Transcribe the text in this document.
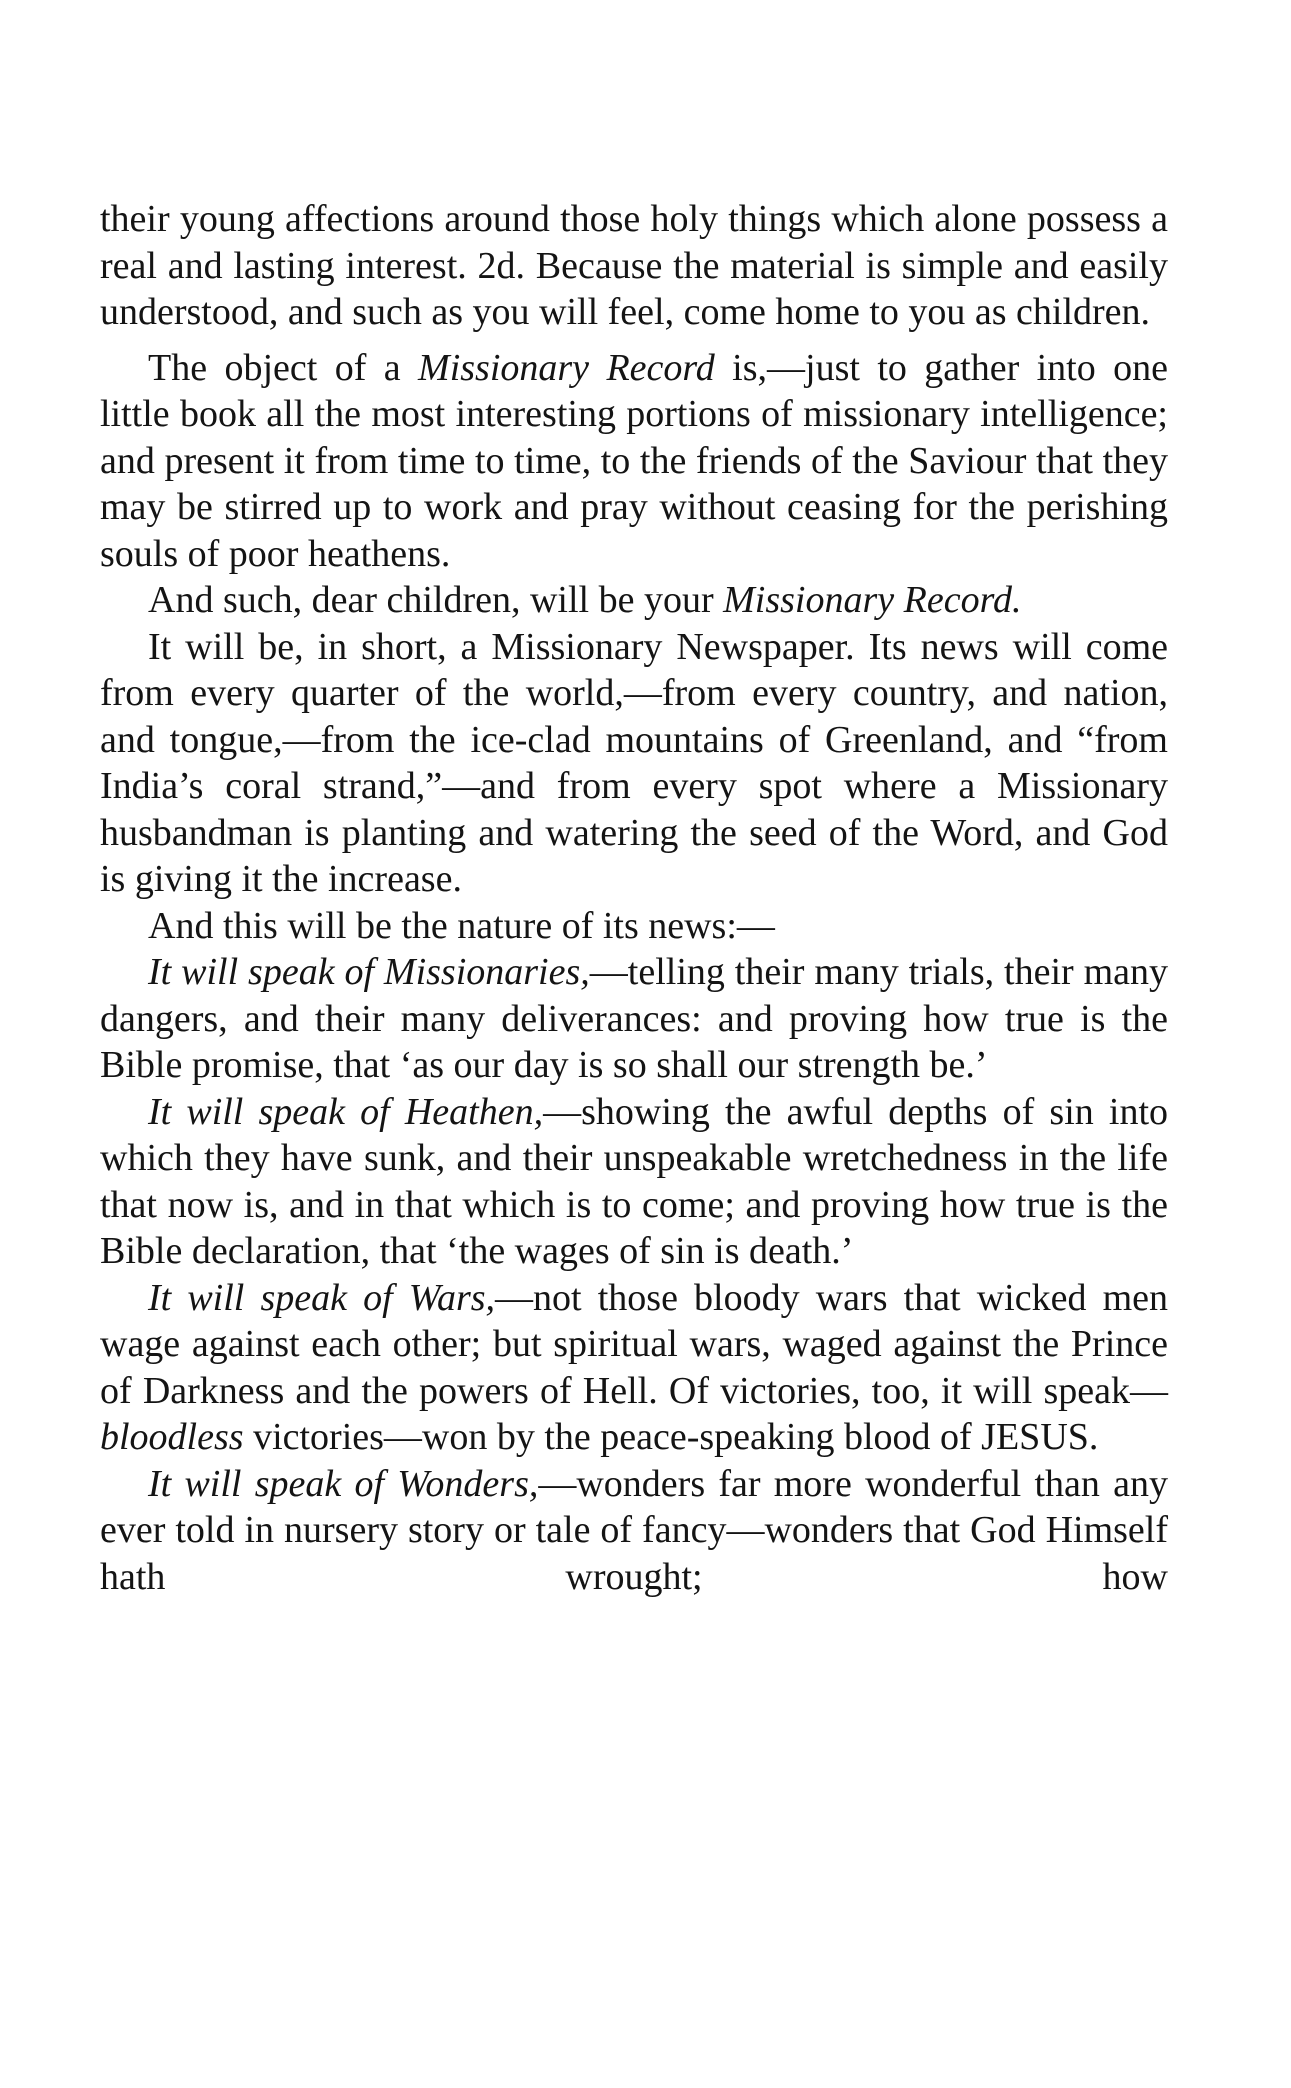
their young affections around those holy things which alone possess a real and lasting interest. 2d. Because the material is simple and easily understood, and such as you will feel, come home to you as children.

The object of a Missionary Record is,—just to gather into one little book all the most interesting portions of missionary intelligence; and present it from time to time, to the friends of the Saviour that they may be stirred up to work and pray without ceasing for the perishing souls of poor heathens.

And such, dear children, will be your Missionary Record.

It will be, in short, a Missionary Newspaper. Its news will come from every quarter of the world,—from every country, and nation, and tongue,—from the ice-clad mountains of Greenland, and “from India’s coral strand,”—and from every spot where a Missionary husbandman is planting and watering the seed of the Word, and God is giving it the increase.

And this will be the nature of its news:—

It will speak of Missionaries,—telling their many trials, their many dangers, and their many deliverances: and proving how true is the Bible promise, that ‘as our day is so shall our strength be.’

It will speak of Heathen,—showing the awful depths of sin into which they have sunk, and their unspeakable wretchedness in the life that now is, and in that which is to come; and proving how true is the Bible declaration, that ‘the wages of sin is death.’

It will speak of Wars,—not those bloody wars that wicked men wage against each other; but spiritual wars, waged against the Prince of Darkness and the powers of Hell. Of victories, too, it will speak—bloodless victories—won by the peace-speaking blood of JESUS.

It will speak of Wonders,—wonders far more wonderful than any ever told in nursery story or tale of fancy—wonders that God Himself hath wrought; how
